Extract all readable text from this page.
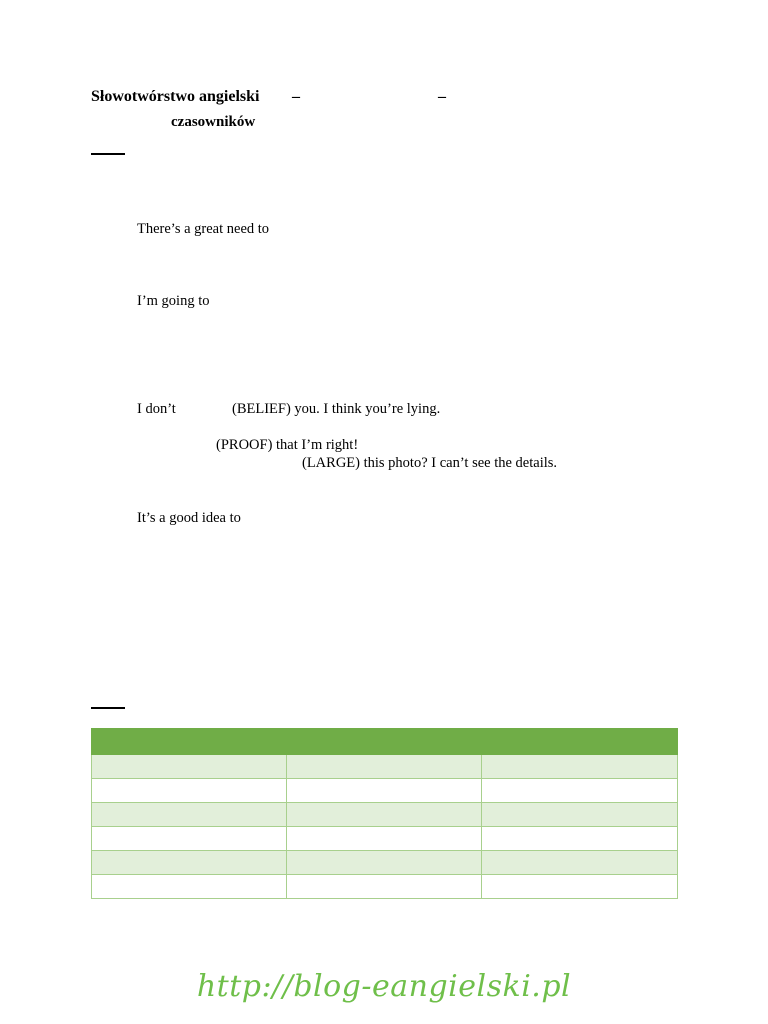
Słowotwórstwo angielski –	–
czasowników
There’s a great need to
I’m going to
I don’t	(BELIEF) you. I think you’re lying.
(PROOF) that I’m right!
(LARGE) this photo? I can’t see the details.
It’s a good idea to

http://blog-eangielski.pl
